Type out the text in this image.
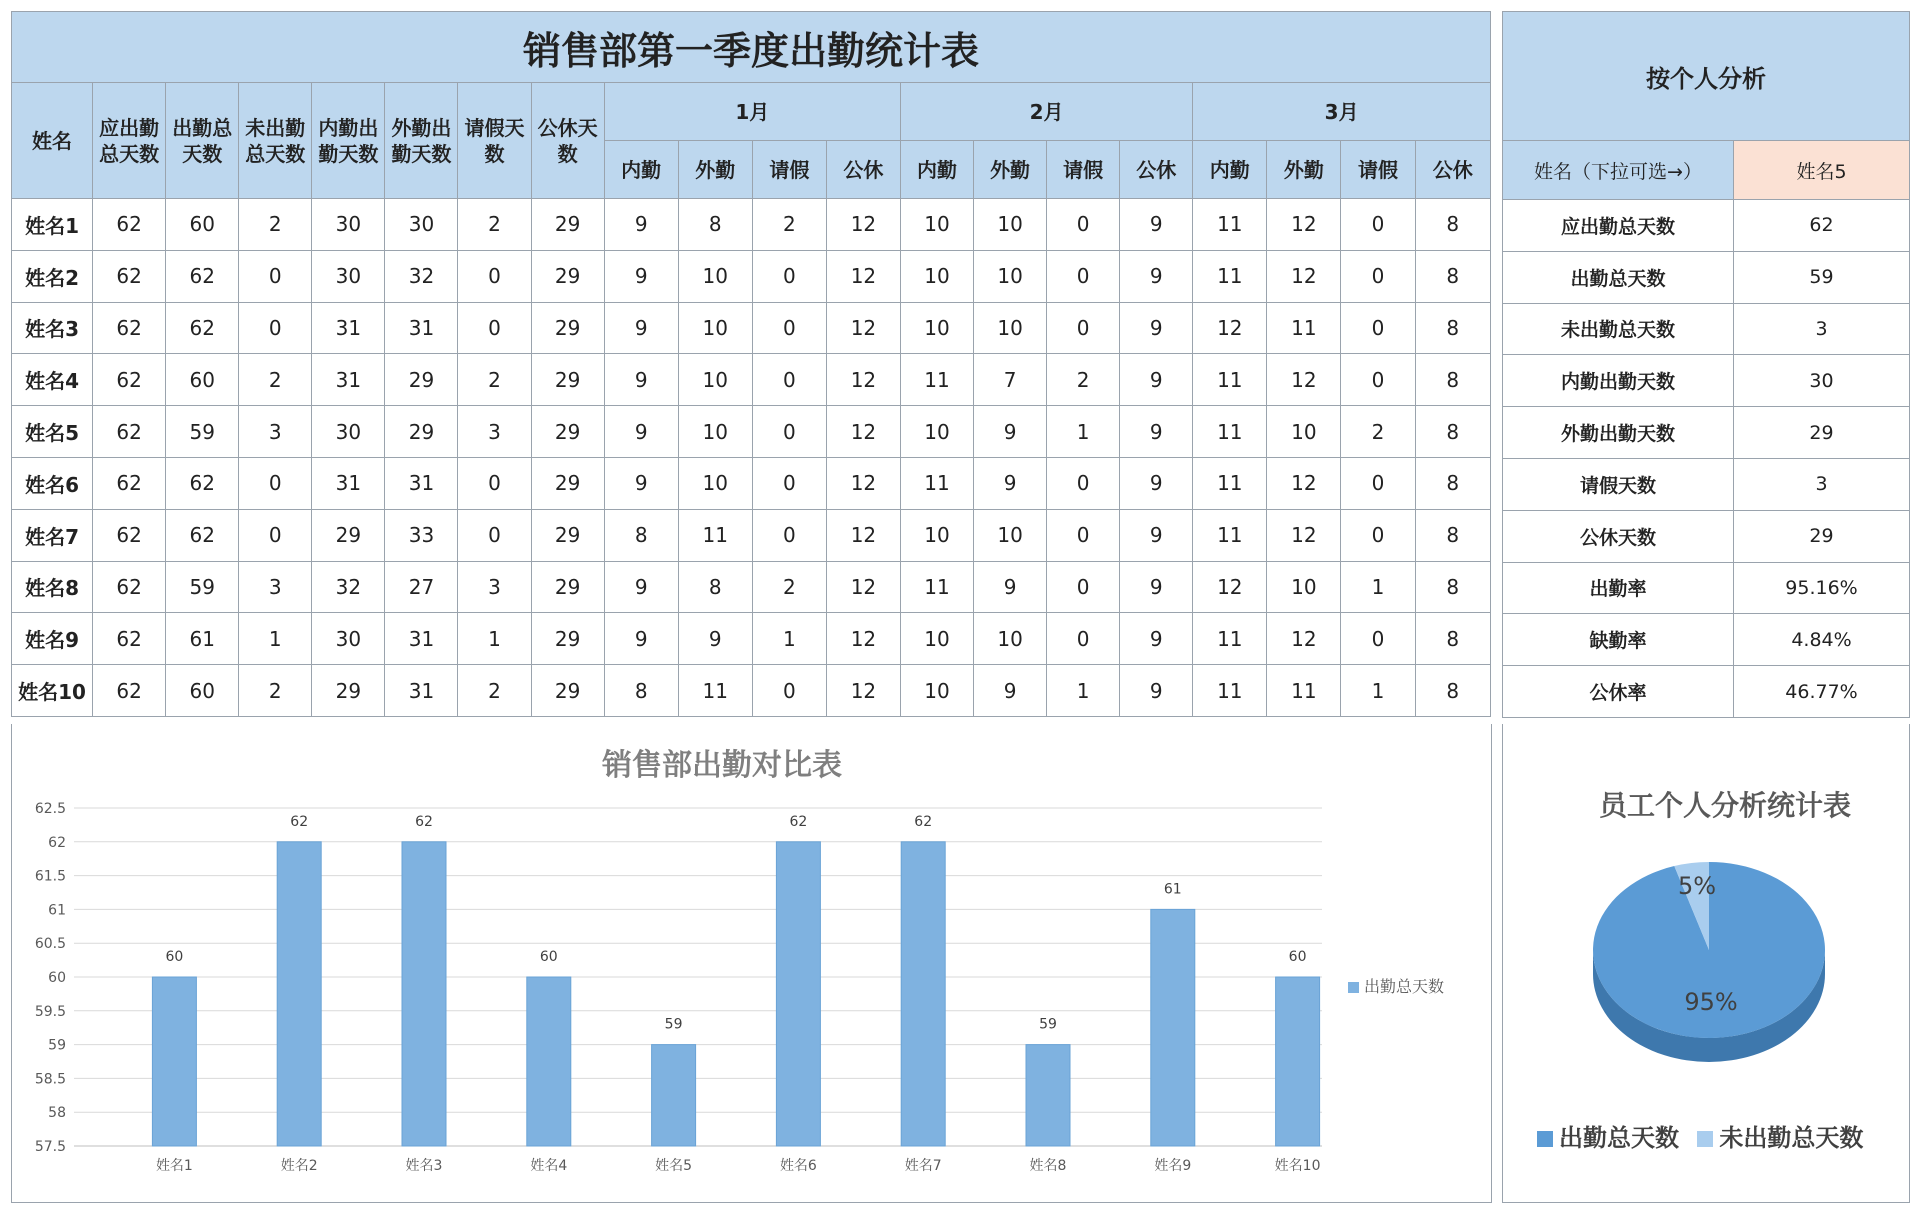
销售部第一季度出勤统计表																			
姓名	应出勤总天数	出勤总天数	未出勤总天数	内勤出勤天数	外勤出勤天数	请假天数	公休天数	1月				2月				3月			
								内勤	外勤	请假	公休	内勤	外勤	请假	公休	内勤	外勤	请假	公休
姓名1	62	60	2	30	30	2	29	9	8	2	12	10	10	0	9	11	12	0	8
姓名2	62	62	0	30	32	0	29	9	10	0	12	10	10	0	9	11	12	0	8
姓名3	62	62	0	31	31	0	29	9	10	0	12	10	10	0	9	12	11	0	8
姓名4	62	60	2	31	29	2	29	9	10	0	12	11	7	2	9	11	12	0	8
姓名5	62	59	3	30	29	3	29	9	10	0	12	10	9	1	9	11	10	2	8
姓名6	62	62	0	31	31	0	29	9	10	0	12	11	9	0	9	11	12	0	8
姓名7	62	62	0	29	33	0	29	8	11	0	12	10	10	0	9	11	12	0	8
姓名8	62	59	3	32	27	3	29	9	8	2	12	11	9	0	9	12	10	1	8
姓名9	62	61	1	30	31	1	29	9	9	1	12	10	10	0	9	11	12	0	8
姓名10	62	60	2	29	31	2	29	8	11	0	12	10	9	1	9	11	11	1	8
按个人分析	
姓名（下拉可选→）	姓名5
应出勤总天数	62
出勤总天数	59
未出勤总天数	3
内勤出勤天数	30
外勤出勤天数	29
请假天数	3
公休天数	29
出勤率	95.16%
缺勤率	4.84%
公休率	46.77%
销售部出勤对比表
62.5
62
61.5
61
60.5
60
59.5
59
58.5
58
57.5
60
姓名1
62
姓名2
62
姓名3
60
姓名4
59
姓名5
62
姓名6
62
姓名7
59
姓名8
61
姓名9
60
姓名10
出勤总天数
员工个人分析统计表
95%
5%
出勤总天数 未出勤总天数
